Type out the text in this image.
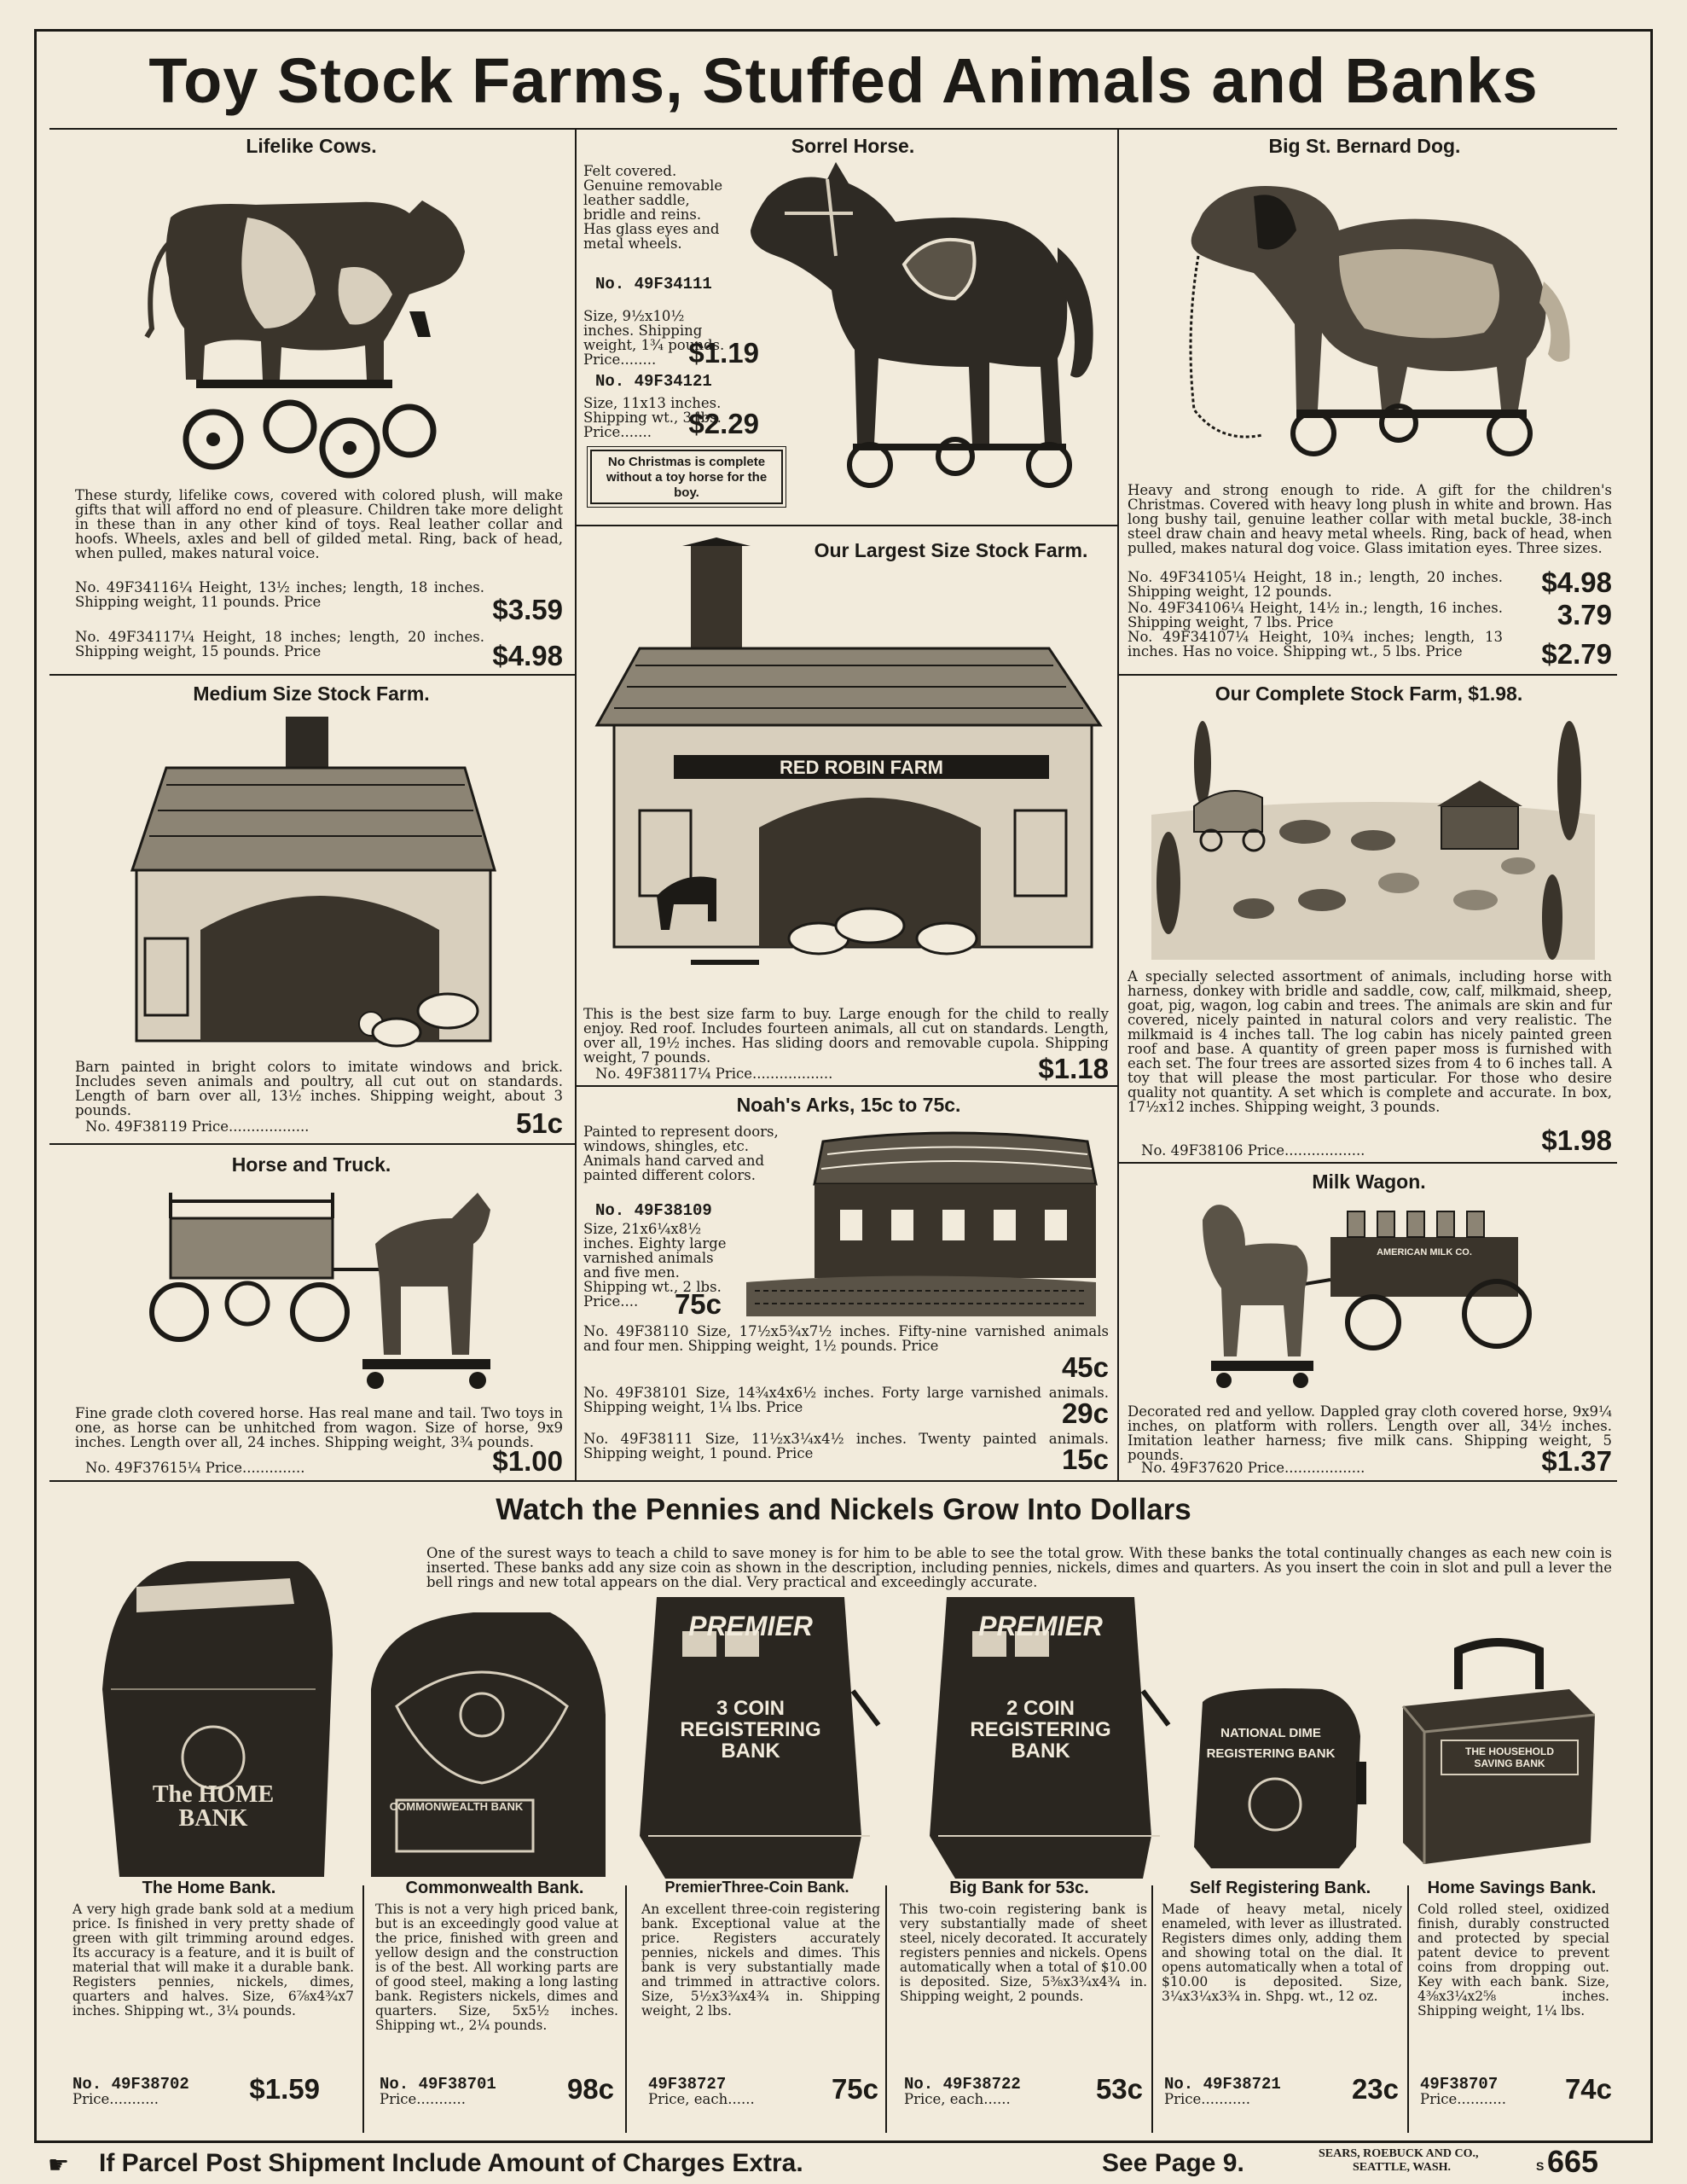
Toy Stock Farms, Stuffed Animals and Banks
Lifelike Cows.
These sturdy, lifelike cows, covered with colored plush, will make gifts that will afford no end of pleasure. Children take more delight in these than in any other kind of toys. Real leather collar and hoofs. Wheels, axles and bell of gilded metal. Ring, back of head, when pulled, makes natural voice.
No. 49F34116¼ Height, 13½ inches; length, 18 inches. Shipping weight, 11 pounds. Price	$3.59
No. 49F34117¼ Height, 18 inches; length, 20 inches. Shipping weight, 15 pounds. Price	$4.98
Sorrel Horse.
Felt covered. Genuine removable leather saddle, bridle and reins. Has glass eyes and metal wheels.
No. 49F34111
Size, 9½x10½ inches. Shipping weight, 1¾ pounds. Price........	$1.19
No. 49F34121
Size, 11x13 inches. Shipping wt., 3 lbs. Price.......	$2.29
No Christmas is complete without a toy horse for the boy.
Big St. Bernard Dog.
Heavy and strong enough to ride. A gift for the children's Christmas. Covered with heavy long plush in white and brown. Has long bushy tail, genuine leather collar with metal buckle, 38-inch steel draw chain and heavy metal wheels. Ring, back of head, when pulled, makes natural dog voice. Glass imitation eyes. Three sizes.
No. 49F34105¼ Height, 18 in.; length, 20 inches. Shipping weight, 12 pounds.	$4.98
No. 49F34106¼ Height, 14½ in.; length, 16 inches. Shipping weight, 7 lbs. Price	3.79
No. 49F34107¼ Height, 10¾ inches; length, 13 inches. Has no voice. Shipping wt., 5 lbs. Price	$2.79
Medium Size Stock Farm.
Barn painted in bright colors to imitate windows and brick. Includes seven animals and poultry, all cut out on standards. Length of barn over all, 13½ inches. Shipping weight, about 3 pounds.
No. 49F38119 Price..................	51c
Our Largest Size Stock Farm.
RED ROBIN FARM
This is the best size farm to buy. Large enough for the child to really enjoy. Red roof. Includes fourteen animals, all cut on standards. Length, over all, 19½ inches. Has sliding doors and removable cupola. Shipping weight, 7 pounds.
No. 49F38117¼ Price..................	$1.18
Our Complete Stock Farm, $1.98.
A specially selected assortment of animals, including horse with harness, donkey with bridle and saddle, cow, calf, milkmaid, sheep, goat, pig, wagon, log cabin and trees. The animals are skin and fur covered, nicely painted in natural colors and very realistic. The milkmaid is 4 inches tall. The log cabin has nicely painted green roof and base. A quantity of green paper moss is furnished with each set. The four trees are assorted sizes from 4 to 6 inches tall. A toy that will please the most particular. For those who desire quality not quantity. A set which is complete and accurate. In box, 17½x12 inches. Shipping weight, 3 pounds.
No. 49F38106 Price..................	$1.98
Horse and Truck.
Fine grade cloth covered horse. Has real mane and tail. Two toys in one, as horse can be unhitched from wagon. Size of horse, 9x9 inches. Length over all, 24 inches. Shipping weight, 3¾ pounds.
No. 49F37615¼ Price..............	$1.00
Noah's Arks, 15c to 75c.
Painted to represent doors, windows, shingles, etc. Animals hand carved and painted different colors.
No. 49F38109
Size, 21x6¼x8½ inches. Eighty large varnished animals and five men. Shipping wt., 2 lbs. Price....	75c
No. 49F38110 Size, 17½x5¾x7½ inches. Fifty-nine varnished animals and four men. Shipping weight, 1½ pounds. Price
45c
No. 49F38101 Size, 14¾x4x6½ inches. Forty large varnished animals. Shipping weight, 1¼ lbs. Price	29c
No. 49F38111 Size, 11½x3¼x4½ inches. Twenty painted animals. Shipping weight, 1 pound. Price	15c
Milk Wagon.
AMERICAN MILK CO.
Decorated red and yellow. Dappled gray cloth covered horse, 9x9¼ inches, on platform with rollers. Length over all, 34½ inches. Imitation leather harness; five milk cans. Shipping weight, 5 pounds.
No. 49F37620 Price..................	$1.37
Watch the Pennies and Nickels Grow Into Dollars
One of the surest ways to teach a child to save money is for him to be able to see the total grow. With these banks the total continually changes as each new coin is inserted. These banks add any size coin as shown in the description, including pennies, nickels, dimes and quarters. As you insert the coin in slot and pull a lever the bell rings and new total appears on the dial. Very practical and exceedingly accurate.
The HOME BANK	COMMONWEALTH BANK
PREMIER
3 COIN REGISTERING BANK
PREMIER
2 COIN REGISTERING BANK
NATIONAL DIME REGISTERING BANK	THE HOUSEHOLD SAVING BANK
The Home Bank.
A very high grade bank sold at a medium price. Is finished in very pretty shade of green with gilt trimming around edges. Its accuracy is a feature, and it is built of material that will make it a durable bank. Registers pennies, nickels, dimes, quarters and halves. Size, 6⅞x4¾x7 inches. Shipping wt., 3¼ pounds.
No. 49F38702
Price...........	$1.59
Commonwealth Bank.
This is not a very high priced bank, but is an exceedingly good value at the price, finished with green and yellow design and the construction is of the best. All working parts are of good steel, making a long lasting bank. Registers nickels, dimes and quarters. Size, 5x5½ inches. Shipping wt., 2¼ pounds.
No. 49F38701
Price...........	98c
PremierThree-Coin Bank.
An excellent three-coin registering bank. Exceptional value at the price. Registers accurately pennies, nickels and dimes. This bank is very substantially made and trimmed in attractive colors. Size, 5½x3¾x4¾ in. Shipping weight, 2 lbs.
49F38727
Price, each......	75c
Big Bank for 53c.
This two-coin registering bank is very substantially made of sheet steel, nicely decorated. It accurately registers pennies and nickels. Opens automatically when a total of $10.00 is deposited. Size, 5⅜x3¾x4¾ in. Shipping weight, 2 pounds.
No. 49F38722
Price, each......	53c
Self Registering Bank.
Made of heavy metal, nicely enameled, with lever as illustrated. Registers dimes only, adding them and showing total on the dial. It opens automatically when a total of $10.00 is deposited. Size, 3¼x3¼x3¾ in. Shpg. wt., 12 oz.
No. 49F38721
Price...........	23c
Home Savings Bank.
Cold rolled steel, oxidized finish, durably constructed and protected by special patent device to prevent coins from dropping out. Key with each bank. Size, 4⅜x3¼x2⅝ inches. Shipping weight, 1¼ lbs.
49F38707
Price...........	74c
☛ If Parcel Post Shipment Include Amount of Charges Extra.	See Page 9.	SEARS, ROEBUCK AND CO.,
SEATTLE, WASH.	S 665
